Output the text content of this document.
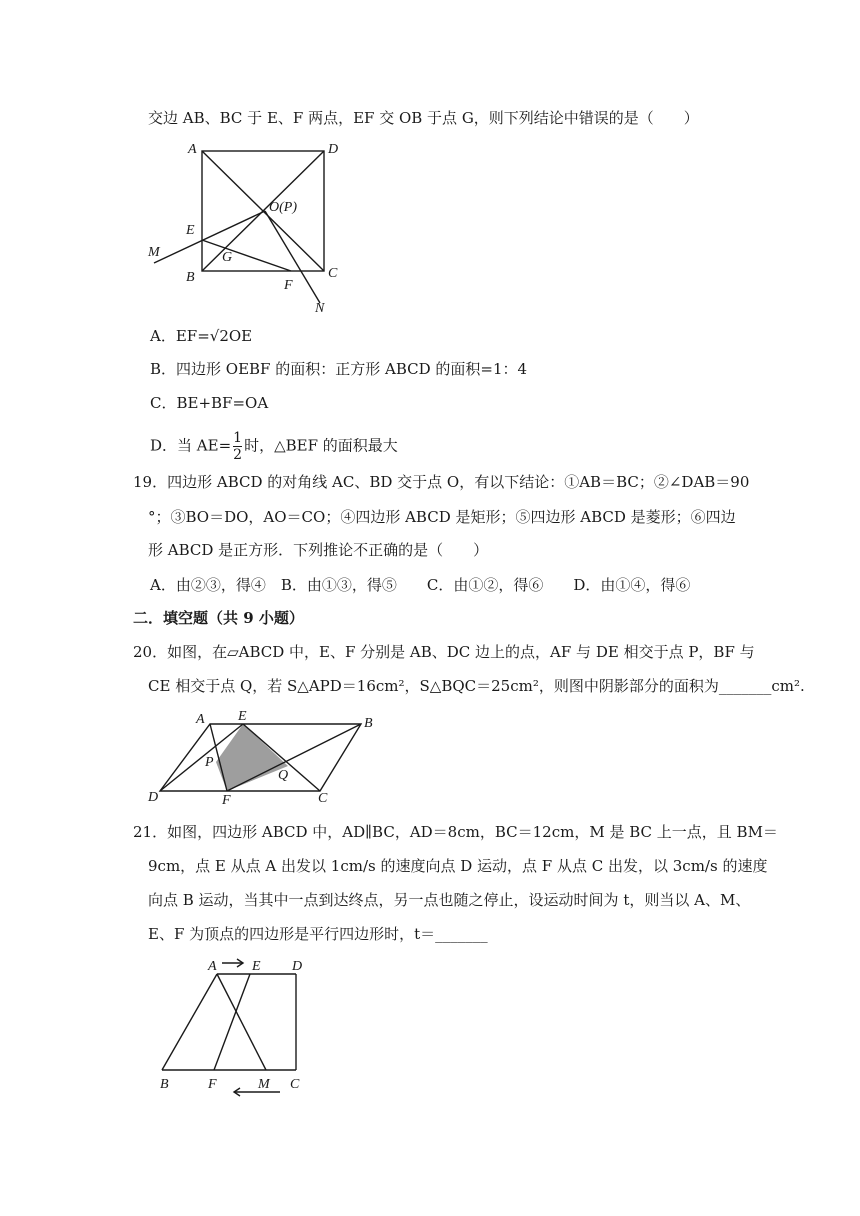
交边 AB、BC 于 E、F 两点，EF 交 OB 于点 G，则下列结论中错误的是（　　）
A	D
O(P)
E
M	G
B	C
F
N
A．EF=√2OE
B．四边形 OEBF 的面积：正方形 ABCD 的面积=1：4
C．BE+BF=OA
D．当 $AE= \frac{1}{2}$ 时，△BEF 的面积最大
19．四边形 ABCD 的对角线 AC、BD 交于点 O，有以下结论：①AB＝BC；②∠DAB＝90
°；③BO＝DO，AO＝CO；④四边形 ABCD 是矩形；⑤四边形 ABCD 是菱形；⑥四边
形 ABCD 是正方形．下列推论不正确的是（　　）
A．由②③，得④　B．由①③，得⑤　　C．由①②，得⑥　　D．由①④，得⑥
二．填空题（共 9 小题）
20．如图，在▱ABCD 中，E、F 分别是 AB、DC 边上的点，AF 与 DE 相交于点 P，BF 与
CE 相交于点 Q，若 S△APD＝16cm²，S△BQC＝25cm²，则图中阴影部分的面积为_______cm².
A E	B
P
Q
D	F	C
21．如图，四边形 ABCD 中，AD∥BC，AD＝8cm，BC＝12cm，M 是 BC 上一点，且 BM＝
9cm，点 E 从点 A 出发以 1cm/s 的速度向点 D 运动，点 F 从点 C 出发，以 3cm/s 的速度
向点 B 运动，当其中一点到达终点，另一点也随之停止，设运动时间为 t，则当以 A、M、
E、F 为顶点的四边形是平行四边形时，t＝_______
A	E D
B	F	M C
